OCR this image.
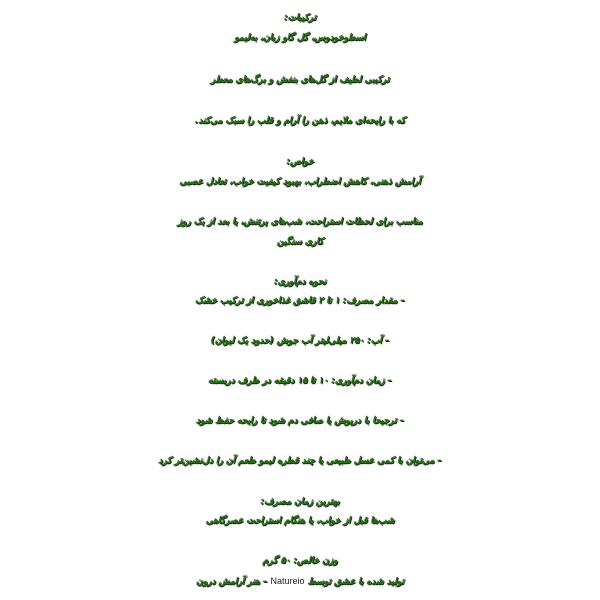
ترکیبات:
اسطوخودوس، گل گاو زبان، به‌لیمو
ترکیبی لطیف از گل‌های بنفش و برگ‌های معطر
که با رایحه‌ای ملایم، ذهن را آرام و قلب را سبک می‌کند.
خواص:
آرامش ذهنی، کاهش اضطراب، بهبود کیفیت خواب، تعادل عصبی
مناسب برای لحظات استراحت، شب‌های پرتنش، یا بعد از یک روز
کاری سنگین
نحوه دم‌آوری:
– مقدار مصرف: ۱ تا ۲ قاشق غذاخوری از ترکیب خشک
– آب: ۲۵۰ میلی‌لیتر آب جوش (حدود یک لیوان)
– زمان دم‌آوری: ۱۰ تا ۱۵ دقیقه در ظرف دربسته
– ترجیحا با درپوش یا صافی دم شود تا رایحه حفظ شود
– می‌توان با کمی عسل طبیعی یا چند قطره لیمو طعم آن را دل‌نشین‌تر کرد
بهترین زمان مصرف:
شب‌ها قبل از خواب، یا هنگام استراحت عصرگاهی
وزن خالص: ۵۰ گرم
تولید شده با عشق توسط Natureio – هنر آرامش درون
